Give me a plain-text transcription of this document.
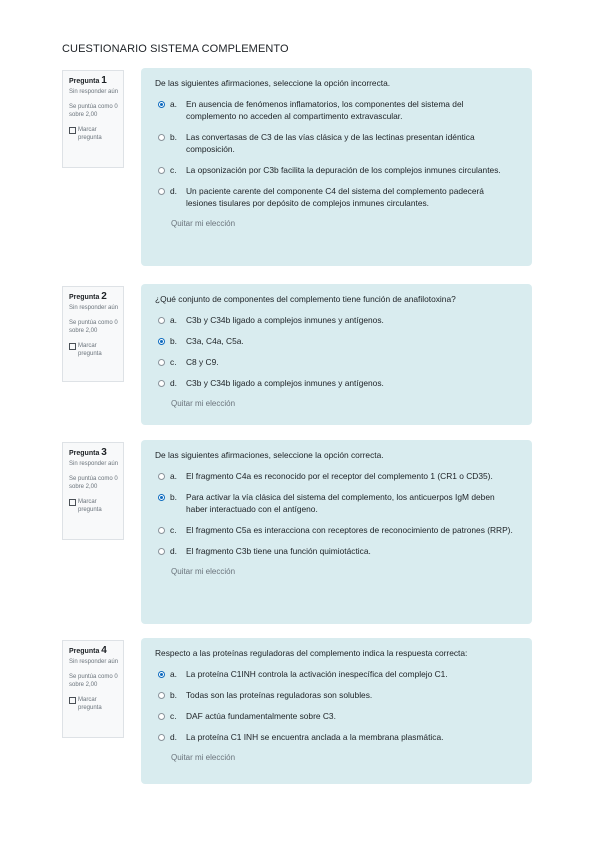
CUESTIONARIO SISTEMA COMPLEMENTO
Pregunta 1
Sin responder aún
Se puntúa como 0 sobre 2,00
Marcar pregunta
De las siguientes afirmaciones, seleccione la opción incorrecta.
a.	En ausencia de fenómenos inflamatorios, los componentes del sistema del complemento no acceden al compartimento extravascular.
b.	Las convertasas de C3 de las vías clásica y de las lectinas presentan idéntica composición.
c.	La opsonización por C3b facilita la depuración de los complejos inmunes circulantes.
d.	Un paciente carente del componente C4 del sistema del complemento padecerá lesiones tisulares por depósito de complejos inmunes circulantes.
Quitar mi elección
Pregunta 2
Sin responder aún
Se puntúa como 0 sobre 2,00
Marcar pregunta
¿Qué conjunto de componentes del complemento tiene función de anafilotoxina?
a.	C3b y C34b ligado a complejos inmunes y antígenos.
b.	C3a, C4a, C5a.
c.	C8 y C9.
d.	C3b y C34b ligado a complejos inmunes y antígenos.
Quitar mi elección
Pregunta 3
Sin responder aún
Se puntúa como 0 sobre 2,00
Marcar pregunta
De las siguientes afirmaciones, seleccione la opción correcta.
a.	El fragmento C4a es reconocido por el receptor del complemento 1 (CR1 o CD35).
b.	Para activar la vía clásica del sistema del complemento, los anticuerpos IgM deben haber interactuado con el antígeno.
c.	El fragmento C5a es interacciona con receptores de reconocimiento de patrones (RRP).
d.	El fragmento C3b tiene una función quimiotáctica.
Quitar mi elección
Pregunta 4
Sin responder aún
Se puntúa como 0 sobre 2,00
Marcar pregunta
Respecto a las proteínas reguladoras del complemento indica la respuesta correcta:
a.	La proteína C1INH controla la activación inespecífica del complejo C1.
b.	Todas son las proteínas reguladoras son solubles.
c.	DAF actúa fundamentalmente sobre C3.
d.	La proteína C1 INH se encuentra anclada a la membrana plasmática.
Quitar mi elección
